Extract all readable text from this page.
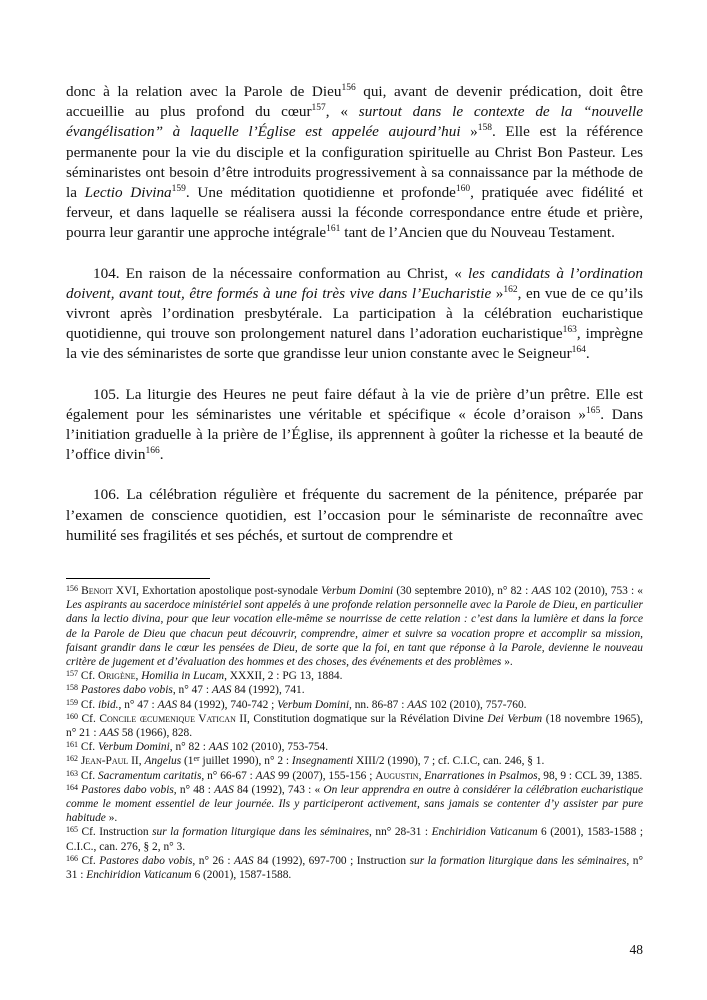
donc à la relation avec la Parole de Dieu$^{156}$ qui, avant de devenir prédication, doit être accueillie au plus profond du cœur$^{157}$, « surtout dans le contexte de la “nouvelle évangélisation” à laquelle l’Église est appelée aujourd’hui »$^{158}$. Elle est la référence permanente pour la vie du disciple et la configuration spirituelle au Christ Bon Pasteur. Les séminaristes ont besoin d’être introduits progressivement à sa connaissance par la méthode de la Lectio Divina$^{159}$. Une méditation quotidienne et profonde$^{160}$, pratiquée avec fidélité et ferveur, et dans laquelle se réalisera aussi la féconde correspondance entre étude et prière, pourra leur garantir une approche intégrale$^{161}$ tant de l’Ancien que du Nouveau Testament.

104. En raison de la nécessaire conformation au Christ, « les candidats à l’ordination doivent, avant tout, être formés à une foi très vive dans l’Eucharistie »$^{162}$, en vue de ce qu’ils vivront après l’ordination presbytérale. La participation à la célébration eucharistique quotidienne, qui trouve son prolongement naturel dans l’adoration eucharistique$^{163}$, imprègne la vie des séminaristes de sorte que grandisse leur union constante avec le Seigneur$^{164}$.

105. La liturgie des Heures ne peut faire défaut à la vie de prière d’un prêtre. Elle est également pour les séminaristes une véritable et spécifique « école d’oraison »$^{165}$. Dans l’initiation graduelle à la prière de l’Église, ils apprennent à goûter la richesse et la beauté de l’office divin$^{166}$.

106. La célébration régulière et fréquente du sacrement de la pénitence, préparée par l’examen de conscience quotidien, est l’occasion pour le séminariste de reconnaître avec humilité ses fragilités et ses péchés, et surtout de comprendre et

$^{156}$ Benoit XVI, Exhortation apostolique post-synodale Verbum Domini (30 septembre 2010), n° 82 : AAS 102 (2010), 753 : « Les aspirants au sacerdoce ministériel sont appelés à une profonde relation personnelle avec la Parole de Dieu, en particulier dans la lectio divina, pour que leur vocation elle-même se nourrisse de cette relation : c’est dans la lumière et dans la force de la Parole de Dieu que chacun peut découvrir, comprendre, aimer et suivre sa vocation propre et accomplir sa mission, faisant grandir dans le cœur les pensées de Dieu, de sorte que la foi, en tant que réponse à la Parole, devienne le nouveau critère de jugement et d’évaluation des hommes et des choses, des événements et des problèmes ».

$^{157}$ Cf. Origène, Homilia in Lucam, XXXII, 2 : PG 13, 1884.

$^{158}$ Pastores dabo vobis, n° 47 : AAS 84 (1992), 741.

$^{159}$ Cf. ibid., n° 47 : AAS 84 (1992), 740-742 ; Verbum Domini, nn. 86-87 : AAS 102 (2010), 757-760.

$^{160}$ Cf. Concile œcumenique Vatican II, Constitution dogmatique sur la Révélation Divine Dei Verbum (18 novembre 1965), n° 21 : AAS 58 (1966), 828.

$^{161}$ Cf. Verbum Domini, n° 82 : AAS 102 (2010), 753-754.

$^{162}$ Jean-Paul II, Angelus (1er juillet 1990), n° 2 : Insegnamenti XIII/2 (1990), 7 ; cf. C.I.C, can. 246, § 1.

$^{163}$ Cf. Sacramentum caritatis, n° 66-67 : AAS 99 (2007), 155-156 ; Augustin, Enarrationes in Psalmos, 98, 9 : CCL 39, 1385.

$^{164}$ Pastores dabo vobis, n° 48 : AAS 84 (1992), 743 : « On leur apprendra en outre à considérer la célébration eucharistique comme le moment essentiel de leur journée. Ils y participeront activement, sans jamais se contenter d’y assister par pure habitude ».

$^{165}$ Cf. Instruction sur la formation liturgique dans les séminaires, nn° 28-31 : Enchiridion Vaticanum 6 (2001), 1583-1588 ; C.I.C., can. 276, § 2, n° 3.

$^{166}$ Cf. Pastores dabo vobis, n° 26 : AAS 84 (1992), 697-700 ; Instruction sur la formation liturgique dans les séminaires, n° 31 : Enchiridion Vaticanum 6 (2001), 1587-1588.

48
